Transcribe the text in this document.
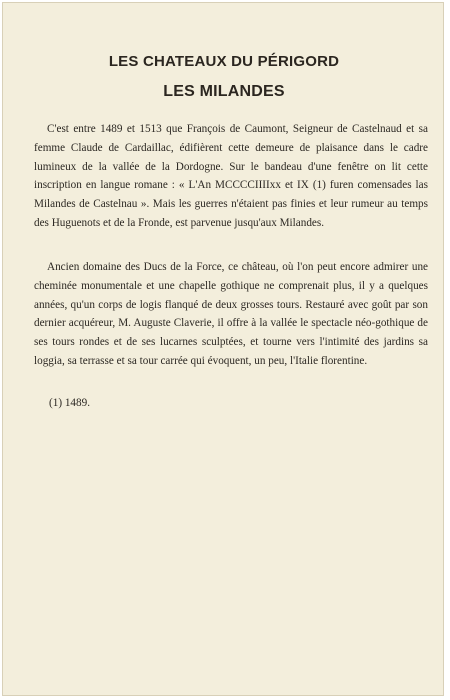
LES CHATEAUX DU PÉRIGORD
LES MILANDES

C'est entre 1489 et 1513 que François de Caumont, Seigneur de Castelnaud et sa femme Claude de Cardaillac, édifièrent cette demeure de plaisance dans le cadre lumineux de la vallée de la Dordogne. Sur le bandeau d'une fenêtre on lit cette inscription en langue romane : « L'An MCCCCIIIIxx et IX (1) furen comensades las Milandes de Castelnau ». Mais les guerres n'étaient pas finies et leur rumeur au temps des Huguenots et de la Fronde, est parvenue jusqu'aux Milandes.

Ancien domaine des Ducs de la Force, ce château, où l'on peut encore admirer une cheminée monumentale et une chapelle gothique ne comprenait plus, il y a quelques années, qu'un corps de logis flanqué de deux grosses tours. Restauré avec goût par son dernier acquéreur, M. Auguste Claverie, il offre à la vallée le spectacle néo-gothique de ses tours rondes et de ses lucarnes sculptées, et tourne vers l'intimité des jardins sa loggia, sa terrasse et sa tour carrée qui évoquent, un peu, l'Italie florentine.

(1) 1489.
